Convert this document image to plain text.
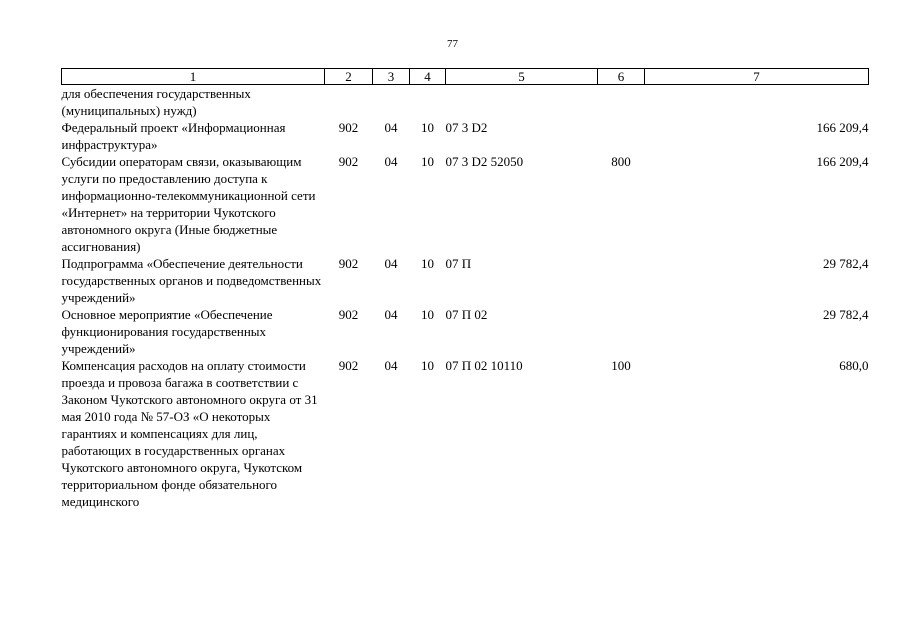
77
1	2	3	4	5	6	7
для обеспечения государственных (муниципальных) нужд)						
Федеральный проект «Информационная инфраструктура»	902	04	10	07 3 D2		166 209,4
Субсидии операторам связи, оказывающим услуги по предоставлению доступа к информационно-телекоммуникационной сети «Интернет» на территории Чукотского автономного округа (Иные бюджетные ассигнования)	902	04	10	07 3 D2 52050	800	166 209,4
Подпрограмма «Обеспечение деятельности государственных органов и подведомственных учреждений»	902	04	10	07 П		29 782,4
Основное мероприятие «Обеспечение функционирования государственных учреждений»	902	04	10	07 П 02		29 782,4
Компенсация расходов на оплату стоимости проезда и провоза багажа в соответствии с Законом Чукотского автономного округа от 31 мая 2010 года № 57-ОЗ «О некоторых гарантиях и компенсациях для лиц, работающих в государственных органах Чукотского автономного округа, Чукотском территориальном фонде обязательного медицинского	902	04	10	07 П 02 10110	100	680,0
